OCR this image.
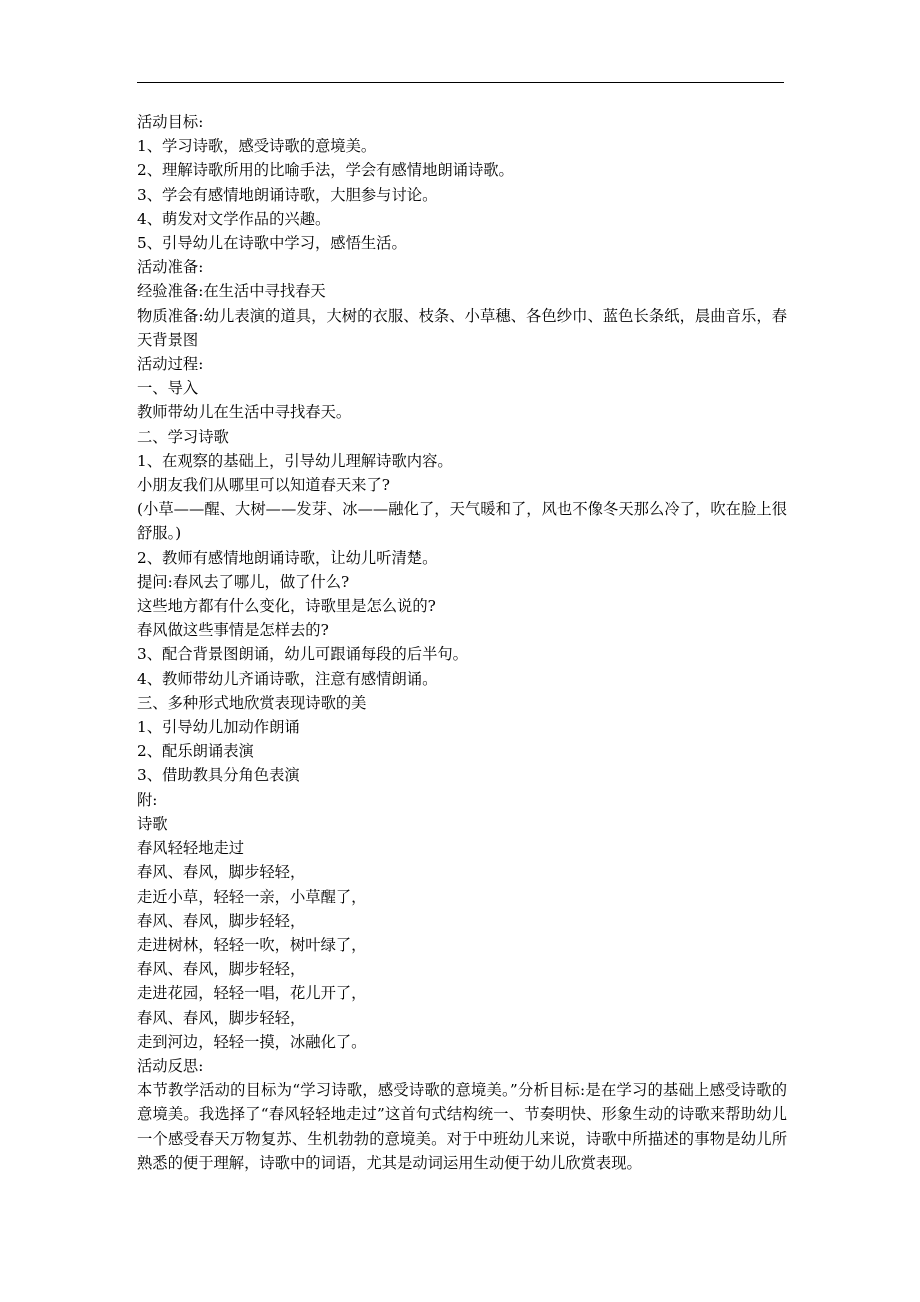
活动目标:

1、学习诗歌，感受诗歌的意境美。

2、理解诗歌所用的比喻手法，学会有感情地朗诵诗歌。

3、学会有感情地朗诵诗歌，大胆参与讨论。

4、萌发对文学作品的兴趣。

5、引导幼儿在诗歌中学习，感悟生活。

活动准备:

经验准备:在生活中寻找春天

物质准备:幼儿表演的道具，大树的衣服、枝条、小草穗、各色纱巾、蓝色长条纸，晨曲音乐，春天背景图

活动过程:

一、导入

教师带幼儿在生活中寻找春天。

二、学习诗歌

1、在观察的基础上，引导幼儿理解诗歌内容。

小朋友我们从哪里可以知道春天来了?

(小草——醒、大树——发芽、冰——融化了，天气暖和了，风也不像冬天那么冷了，吹在脸上很舒服。)

2、教师有感情地朗诵诗歌，让幼儿听清楚。

提问:春风去了哪儿，做了什么?

这些地方都有什么变化，诗歌里是怎么说的?

春风做这些事情是怎样去的?

3、配合背景图朗诵，幼儿可跟诵每段的后半句。

4、教师带幼儿齐诵诗歌，注意有感情朗诵。

三、多种形式地欣赏表现诗歌的美

1、引导幼儿加动作朗诵

2、配乐朗诵表演

3、借助教具分角色表演

附:

诗歌

春风轻轻地走过

春风、春风，脚步轻轻，

走近小草，轻轻一亲，小草醒了，

春风、春风，脚步轻轻，

走进树林，轻轻一吹，树叶绿了，

春风、春风，脚步轻轻，

走进花园，轻轻一唱，花儿开了，

春风、春风，脚步轻轻，

走到河边，轻轻一摸，冰融化了。

活动反思:

本节教学活动的目标为“学习诗歌，感受诗歌的意境美。”分析目标:是在学习的基础上感受诗歌的意境美。我选择了“春风轻轻地走过”这首句式结构统一、节奏明快、形象生动的诗歌来帮助幼儿一个感受春天万物复苏、生机勃勃的意境美。对于中班幼儿来说，诗歌中所描述的事物是幼儿所熟悉的便于理解，诗歌中的词语，尤其是动词运用生动便于幼儿欣赏表现。
